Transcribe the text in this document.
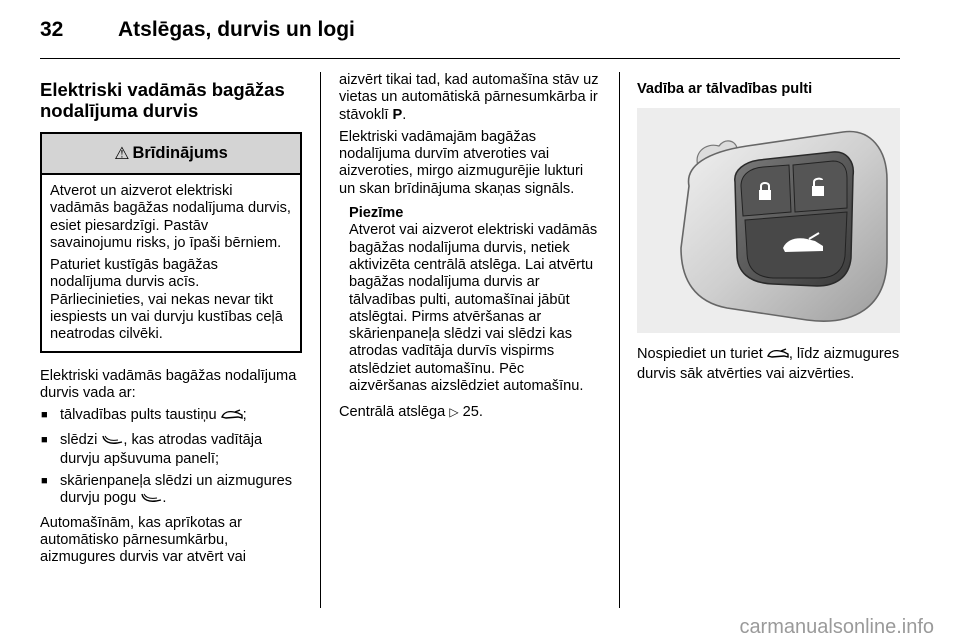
32	Atslēgas, durvis un logi
Elektriski vadāmās bagāžas nodalījuma durvis
⚠ Brīdinājums

Atverot un aizverot elektriski vadāmās bagāžas nodalījuma durvis, esiet piesardzīgi. Pastāv savainojumu risks, jo īpaši bērniem.

Paturiet kustīgās bagāžas nodalījuma durvis acīs. Pārliecinieties, vai nekas nevar tikt iespiests un vai durvju kustības ceļā neatrodas cilvēki.

Elektriski vadāmās bagāžas nodalījuma durvis vada ar:

■ tālvadības pults taustiņu ;
■ slēdzi , kas atrodas vadītāja durvju apšuvuma panelī;
■ skārienpaneļa slēdzi un aizmugures durvju pogu .

Automašīnām, kas aprīkotas ar automātisko pārnesumkārbu, aizmugures durvis var atvērt vai

aizvērt tikai tad, kad automašīna stāv uz vietas un automātiskā pārnesumkārba ir stāvoklī P.

Elektriski vadāmajām bagāžas nodalījuma durvīm atveroties vai aizveroties, mirgo aizmugurējie lukturi un skan brīdinājuma skaņas signāls.

Piezīme
Atverot vai aizverot elektriski vadāmās bagāžas nodalījuma durvis, netiek aktivizēta centrālā atslēga. Lai atvērtu bagāžas nodalījuma durvis ar tālvadības pulti, automašīnai jābūt atslēgtai. Pirms atvēršanas ar skārienpaneļa slēdzi vai slēdzi kas atrodas vadītāja durvīs vispirms atslēdziet automašīnu. Pēc aizvēršanas aizslēdziet automašīnu.

Centrālā atslēga ▷ 25.

Vadība ar tālvadības pulti

Nospiediet un turiet , līdz aizmugures durvis sāk atvērties vai aizvērties.

carmanualsonline.info
